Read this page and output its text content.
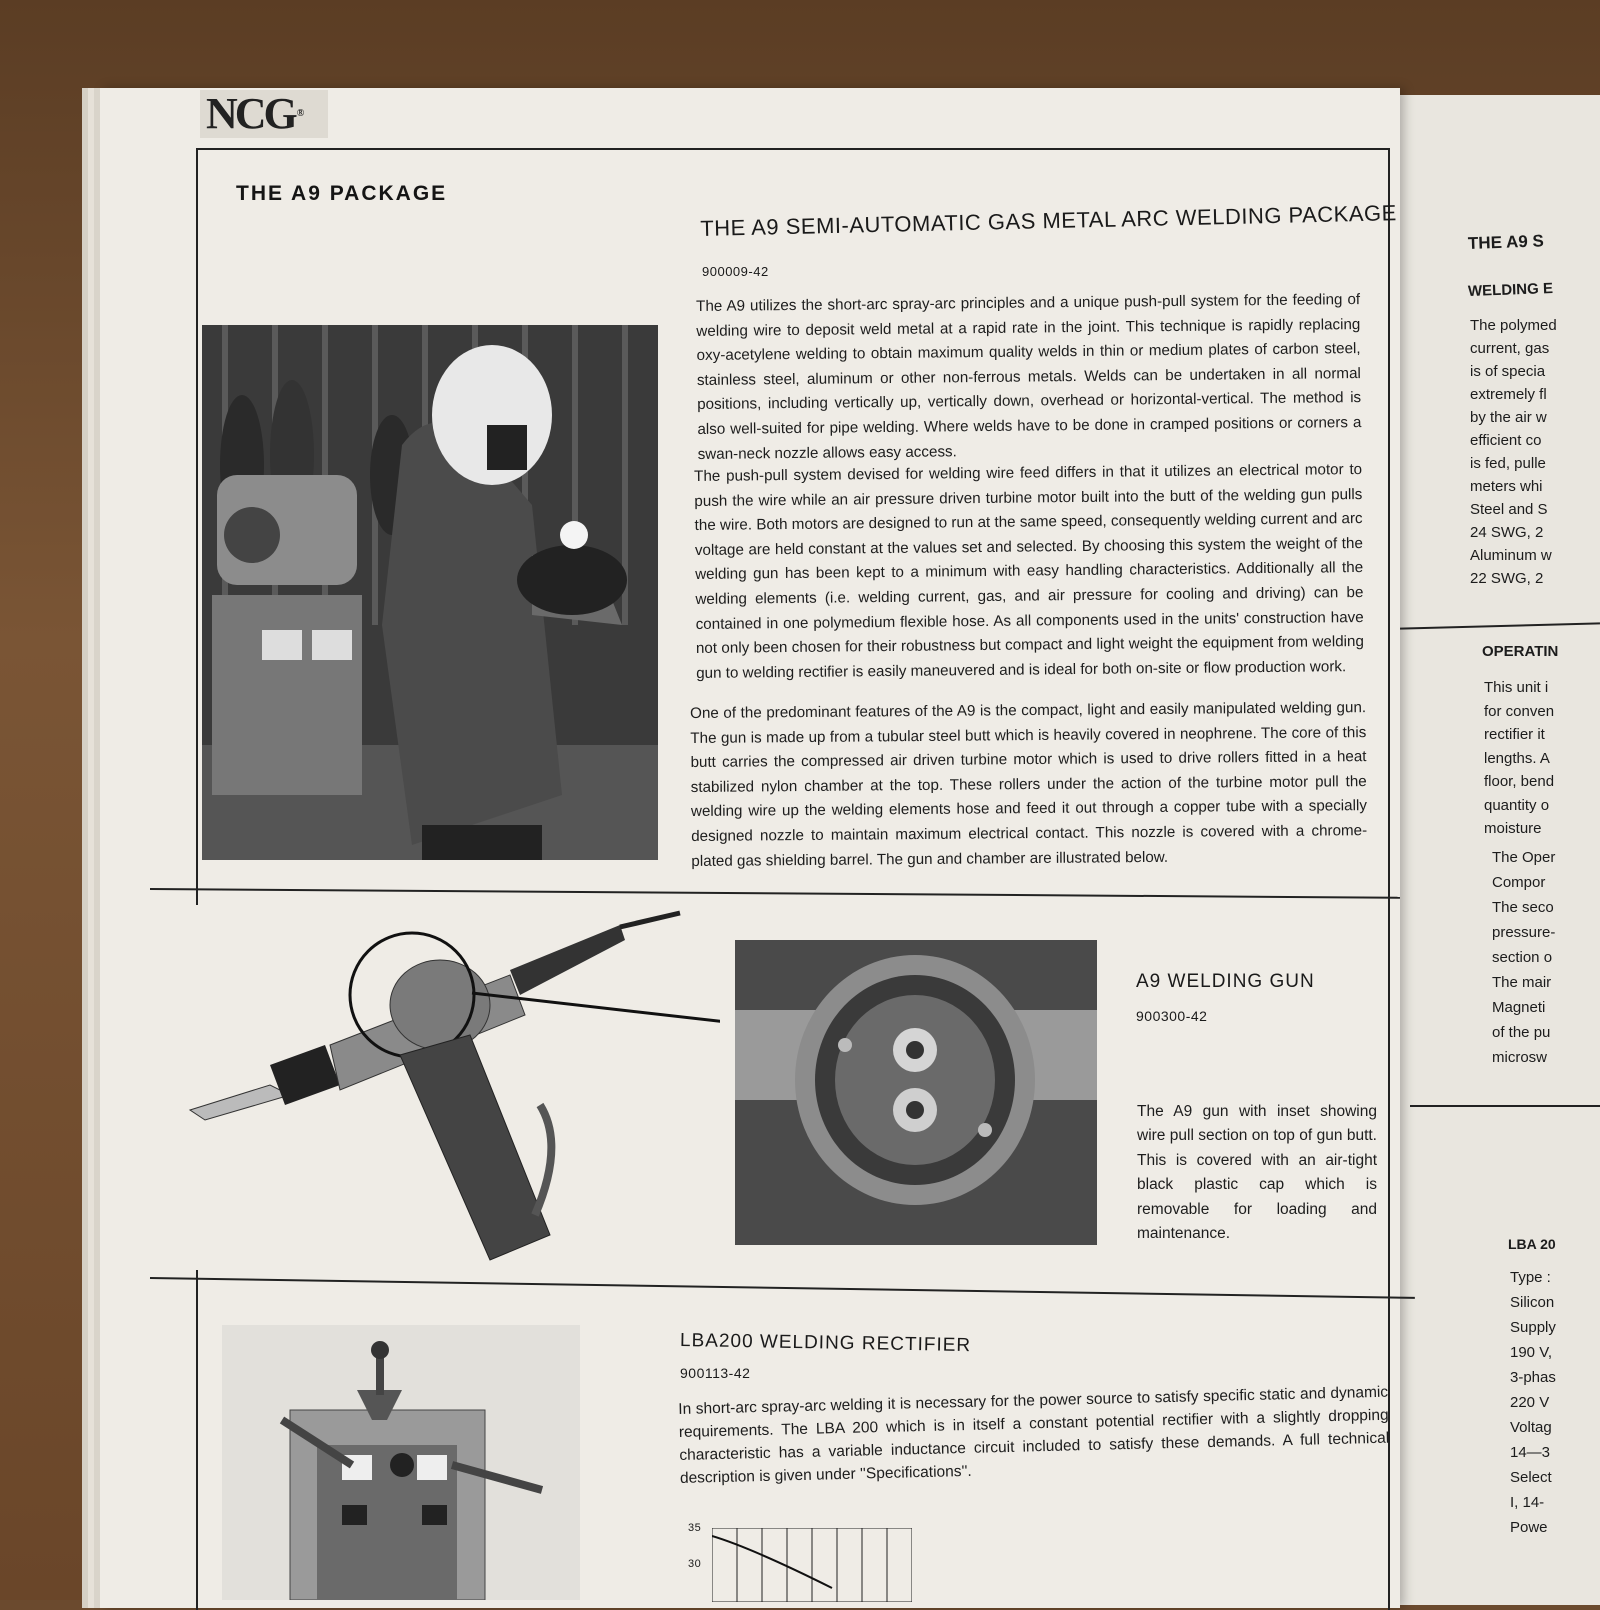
NCG ®
THE A9 PACKAGE
THE A9 SEMI-AUTOMATIC GAS METAL ARC WELDING PACKAGE
900009-42
The A9 utilizes the short-arc spray-arc principles and a unique push-pull system for the feeding of welding wire to deposit weld metal at a rapid rate in the joint. This technique is rapidly replacing oxy-acetylene welding to obtain maximum quality welds in thin or medium plates of carbon steel, stainless steel, aluminum or other non-ferrous metals. Welds can be undertaken in all normal positions, including vertically up, vertically down, overhead or horizontal-vertical. The method is also well-suited for pipe welding. Where welds have to be done in cramped positions or corners a swan-neck nozzle allows easy access.
The push-pull system devised for welding wire feed differs in that it utilizes an electrical motor to push the wire while an air pressure driven turbine motor built into the butt of the welding gun pulls the wire. Both motors are designed to run at the same speed, consequently welding current and arc voltage are held constant at the values set and selected. By choosing this system the weight of the welding gun has been kept to a minimum with easy handling characteristics. Additionally all the welding elements (i.e. welding current, gas, and air pressure for cooling and driving) can be contained in one polymedium flexible hose. As all components used in the units' construction have not only been chosen for their robustness but compact and light weight the equipment from welding gun to welding rectifier is easily maneuvered and is ideal for both on-site or flow production work.
One of the predominant features of the A9 is the compact, light and easily manipulated welding gun. The gun is made up from a tubular steel butt which is heavily covered in neophrene. The core of this butt carries the compressed air driven turbine motor which is used to drive rollers fitted in a heat stabilized nylon chamber at the top. These rollers under the action of the turbine motor pull the welding wire up the welding elements hose and feed it out through a copper tube with a specially designed nozzle to maintain maximum electrical contact. This nozzle is covered with a chrome-plated gas shielding barrel. The gun and chamber are illustrated below.
A9 WELDING GUN
900300-42
The A9 gun with inset showing wire pull section on top of gun butt. This is covered with an air-tight black plastic cap which is removable for loading and maintenance.
LBA200 WELDING RECTIFIER
900113-42
In short-arc spray-arc welding it is necessary for the power source to satisfy specific static and dynamic requirements. The LBA 200 which is in itself a constant potential rectifier with a slightly dropping characteristic has a variable inductance circuit included to satisfy these demands. A full technical description is given under ''Specifications''.
35
30
THE A9 S
WELDING E
The polymed
current, gas
is of specia
extremely fl
by the air w
efficient co
is fed, pulle
meters whi
Steel and S
24 SWG, 2
Aluminum w
22 SWG, 2
OPERATIN
This unit i
for conven
rectifier it
lengths. A
floor, bend
quantity o
moisture
The Oper
Compor
The seco
pressure-
section o
The mair
Magneti
of the pu
microsw
LBA 20
Type :
Silicon
Supply
190 V,
3-phas
220 V
Voltag
14—3
Select
I, 14-
Powe
